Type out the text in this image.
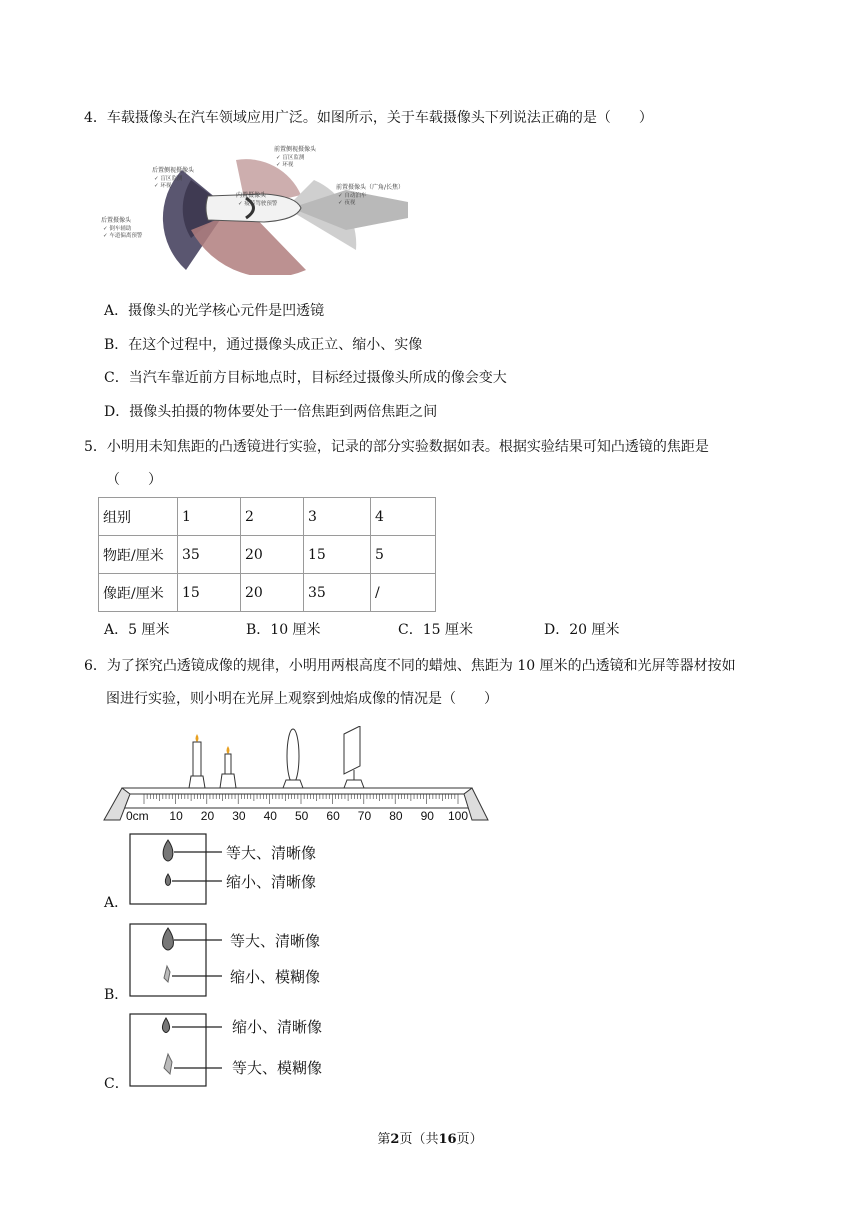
4．车载摄像头在汽车领域应用广泛。如图所示，关于车载摄像头下列说法正确的是（　　）
后置侧视摄像头
✓ 盲区监测
✓ 环视
后置摄像头
✓ 倒车辅助
✓ 车道偏离预警
前置侧视摄像头
✓ 盲区监测
✓ 环视
内置摄像头
✓ 疲劳驾驶预警
前置摄像头（广角/长焦）
✓ 自动泊车
✓ 夜视
A．摄像头的光学核心元件是凹透镜
B．在这个过程中，通过摄像头成正立、缩小、实像
C．当汽车靠近前方目标地点时，目标经过摄像头所成的像会变大
D．摄像头拍摄的物体要处于一倍焦距到两倍焦距之间
5．小明用未知焦距的凸透镜进行实验，记录的部分实验数据如表。根据实验结果可知凸透镜的焦距是
（　　）
组别	1	2	3	4
物距/厘米	35	20	15	5
像距/厘米	15	20	35	/
A．5 厘米	B．10 厘米	C．15 厘米	D．20 厘米
6．为了探究凸透镜成像的规律，小明用两根高度不同的蜡烛、焦距为 10 厘米的凸透镜和光屏等器材按如
图进行实验，则小明在光屏上观察到烛焰成像的情况是（　　）
0cm 10 20 30 40 50 60 70 80 90 100
A．
等大、清晰像
缩小、清晰像
B．
等大、清晰像
缩小、模糊像
C．
缩小、清晰像
等大、模糊像
第2页（共16页）
